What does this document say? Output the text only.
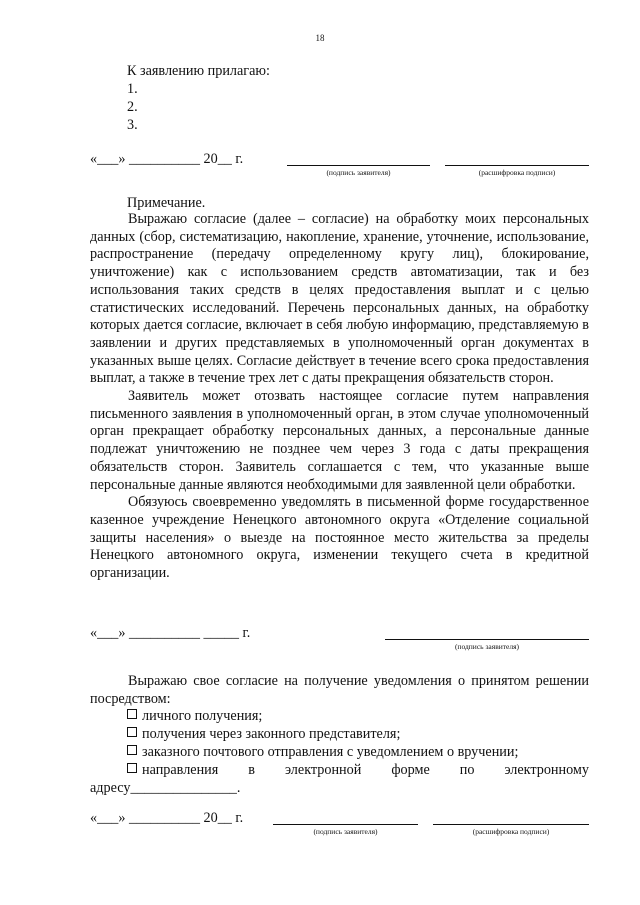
18
К заявлению прилагаю:
1.
2.
3.
«___» __________ 20__ г.
(подпись заявителя)	(расшифровка подписи)
Примечание.

Выражаю согласие (далее – согласие) на обработку моих персональных данных (сбор, систематизацию, накопление, хранение, уточнение, использование, распространение (передачу определенному кругу лиц), блокирование, уничтожение) как с использованием средств автоматизации, так и без использования таких средств в целях предоставления выплат и с целью статистических исследований. Перечень персональных данных, на обработку которых дается согласие, включает в себя любую информацию, представляемую в заявлении и других представляемых в уполномоченный орган документах в указанных выше целях. Согласие действует в течение всего срока предоставления выплат, а также в течение трех лет с даты прекращения обязательств сторон.

Заявитель может отозвать настоящее согласие путем направления письменного заявления в уполномоченный орган, в этом случае уполномоченный орган прекращает обработку персональных данных, а персональные данные подлежат уничтожению не позднее чем через 3 года с даты прекращения обязательств сторон. Заявитель соглашается с тем, что указанные выше персональные данные являются необходимыми для заявленной цели обработки.

Обязуюсь своевременно уведомлять в письменной форме государственное казенное учреждение Ненецкого автономного округа «Отделение социальной защиты населения» о выезде на постоянное место жительства за пределы Ненецкого автономного округа, изменении текущего счета в кредитной организации.

«___» __________ _____ г.
(подпись заявителя)

Выражаю свое согласие на получение уведомления о принятом решении посредством:

личного получения;
получения через законного представителя;
заказного почтового отправления с уведомлением о вручении;
направления в электронной форме по электронному
адресу_______________.
«___» __________ 20__ г.
(подпись заявителя)	(расшифровка подписи)
